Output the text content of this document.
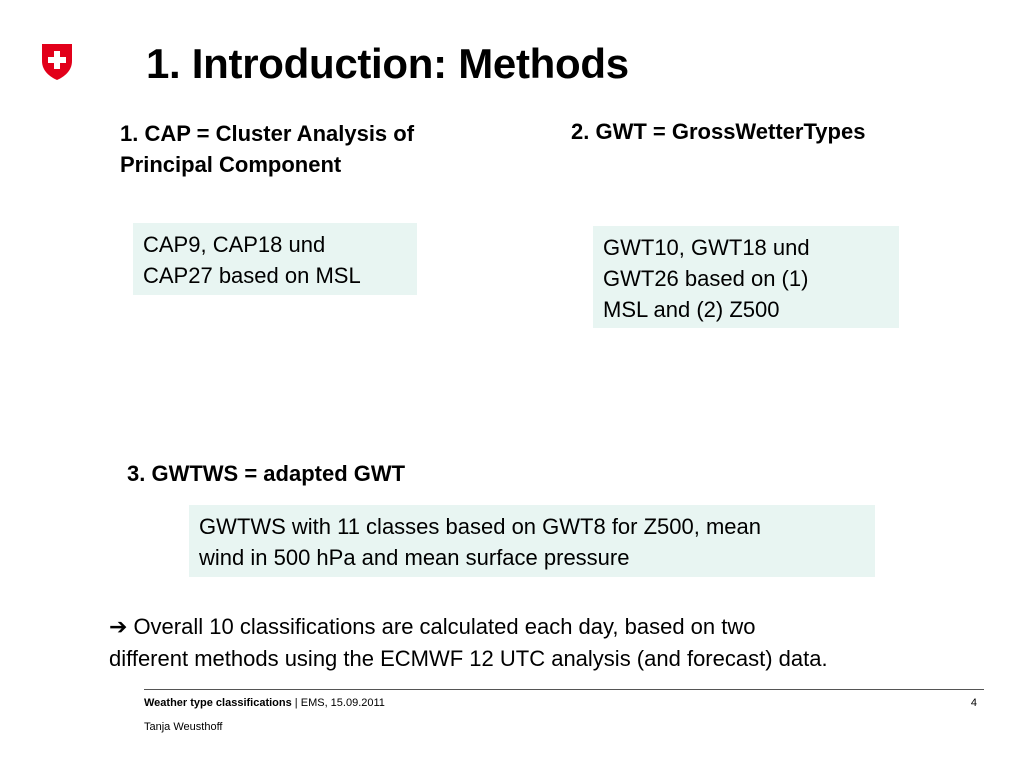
1. Introduction: Methods
1. CAP = Cluster Analysis of
Principal Component
CAP9, CAP18 und
CAP27 based on MSL
2. GWT = GrossWetterTypes
GWT10, GWT18 und
GWT26 based on (1)
MSL and (2) Z500
3. GWTWS = adapted GWT
GWTWS with 11 classes based on GWT8 for Z500, mean
wind in 500 hPa and mean surface pressure
➔ Overall 10 classifications are calculated each day, based on two
different methods using the ECMWF 12 UTC analysis (and forecast) data.
Weather type classifications | EMS, 15.09.2011	4
Tanja Weusthoff
